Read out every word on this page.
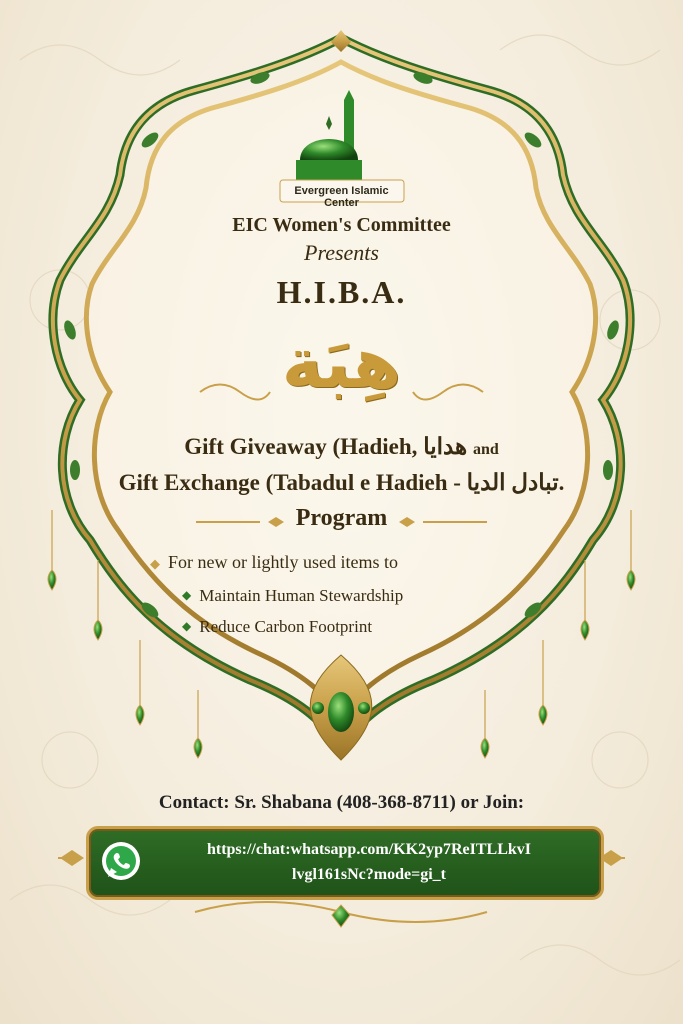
Evergreen Islamic Center
EIC Women's Committee
Presents
H.I.B.A.
هِبَة
Gift Giveaway (Hadieh, هدايا and
Gift Exchange (Tabadul e Hadieh - تبادل الديا.
Program
◆ For new or lightly used items to
◆ Maintain Human Stewardship
◆ Reduce Carbon Footprint
Contact: Sr. Shabana (408-368-8711) or Join:
https://chat:whatsapp.com/KK2yp7ReITLLkvI
lvgl161sNc?mode=gi_t
